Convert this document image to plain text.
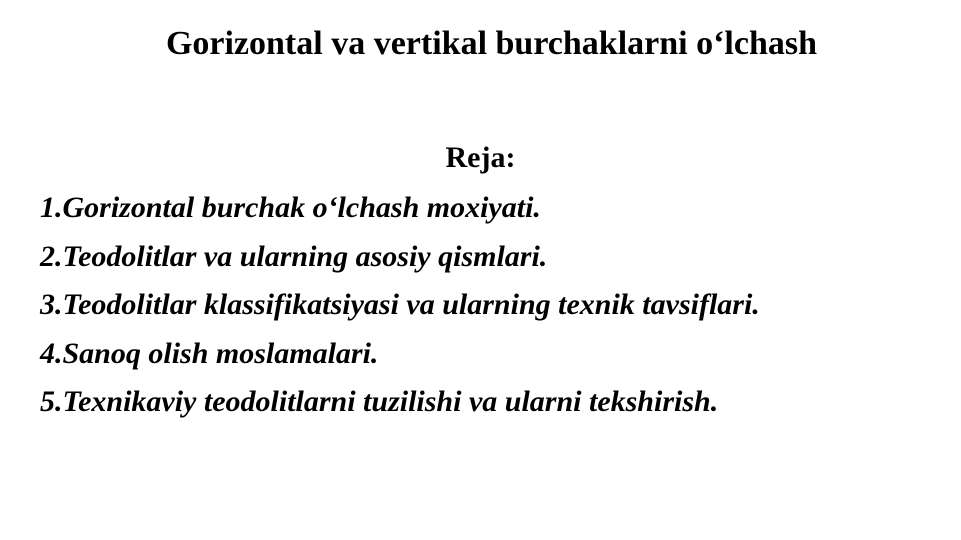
Gorizontal va vertikal burchaklarni o‘lchash
Reja:
1.Gorizontal burchak o‘lchash moxiyati.
2.Teodolitlar va ularning asosiy qismlari.
3.Teodolitlar klassifikatsiyasi va ularning texnik tavsiflari.
4.Sanoq olish moslamalari.
5.Texnikaviy teodolitlarni tuzilishi va ularni tekshirish.
